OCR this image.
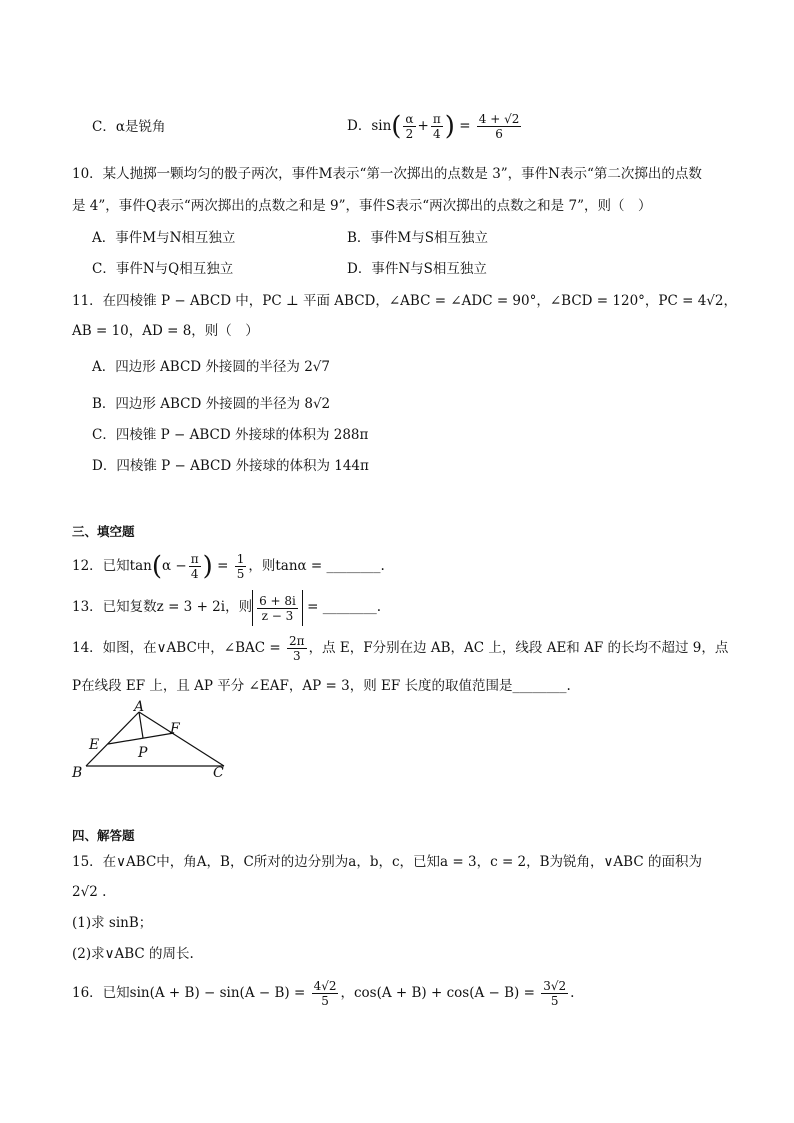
C．α是锐角	D．$\sin( \frac{\alpha}{2} + \frac{\pi}{4}$ ) = $\frac{4 + √2}{6}$
10．某人抛掷一颗均匀的骰子两次，事件M表示“第一次掷出的点数是 3”，事件N表示“第二次掷出的点数
是 4”，事件Q表示“两次掷出的点数之和是 9”，事件S表示“两次掷出的点数之和是 7”，则（　）
A．事件M与N相互独立	B．事件M与S相互独立
C．事件N与Q相互独立	D．事件N与S相互独立
11．在四棱锥 P − ABCD 中，PC ⊥ 平面 ABCD，∠ABC = ∠ADC = 90°，∠BCD = 120°，PC = 4√2，
AB = 10，AD = 8，则（　）
A．四边形 ABCD 外接圆的半径为 2√7
B．四边形 ABCD 外接圆的半径为 8√2
C．四棱锥 P − ABCD 外接球的体积为 288π
D．四棱锥 P − ABCD 外接球的体积为 144π
三、填空题
12．已知$\tan(\alpha - \frac{\pi}{4}$ ) = $\frac{1}{5}$ ，则tanα = ________.
13．已知复数z = 3 + 2i，则 $\frac{6 + 8i}{z - 3}$ = ________.
14．如图，在∨ABC中，∠BAC = $\frac{2\pi}{3}$ ，点 E，F分别在边 AB，AC 上，线段 AE和 AF 的长均不超过 9，点
P在线段 EF 上，且 AP 平分 ∠EAF，AP = 3，则 EF 长度的取值范围是________.
A
B	C
E
F
P
四、解答题
15．在∨ABC中，角A，B，C所对的边分别为a，b，c，已知a = 3，c = 2，B为锐角，∨ABC 的面积为
2√2 .
(1)求 sinB；
(2)求∨ABC 的周长.
16．已知$\sin(A + B) - \sin(A - B) = \frac{4√2}{5}$ ，$\cos(A + B) + \cos(A - B) = \frac{3√2}{5}$ .
